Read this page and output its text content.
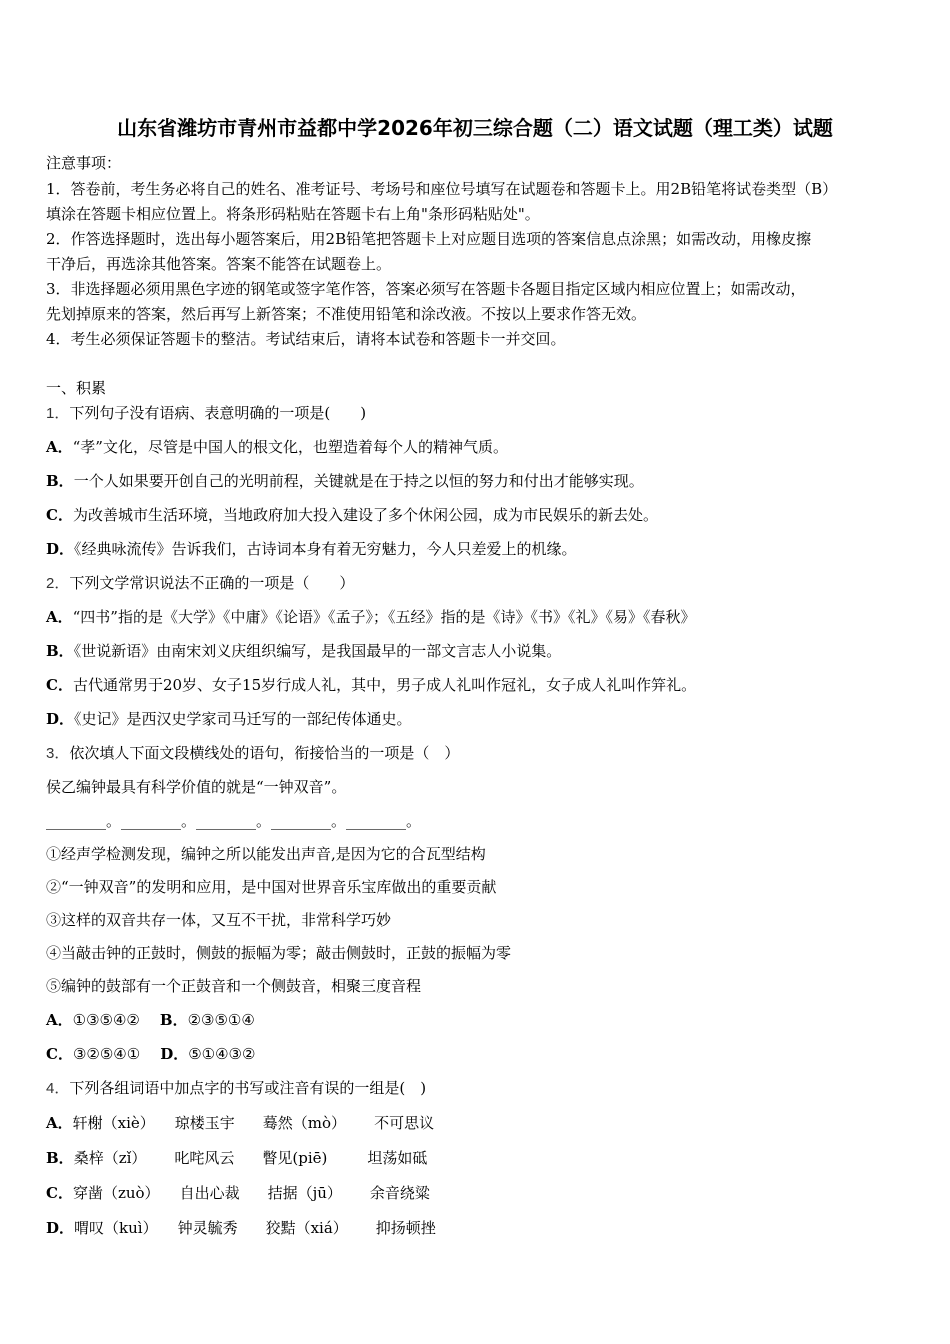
山东省潍坊市青州市益都中学2026年初三综合题（二）语文试题（理工类）试题
注意事项：
1．答卷前，考生务必将自己的姓名、准考证号、考场号和座位号填写在试题卷和答题卡上。用2B铅笔将试卷类型（B）
填涂在答题卡相应位置上。将条形码粘贴在答题卡右上角"条形码粘贴处"。
2．作答选择题时，选出每小题答案后，用2B铅笔把答题卡上对应题目选项的答案信息点涂黑；如需改动，用橡皮擦
干净后，再选涂其他答案。答案不能答在试题卷上。
3．非选择题必须用黑色字迹的钢笔或签字笔作答，答案必须写在答题卡各题目指定区域内相应位置上；如需改动，
先划掉原来的答案，然后再写上新答案；不准使用铅笔和涂改液。不按以上要求作答无效。
4．考生必须保证答题卡的整洁。考试结束后，请将本试卷和答题卡一并交回。
一、积累
1．下列句子没有语病、表意明确的一项是(　　)
A．“孝”文化，尽管是中国人的根文化，也塑造着每个人的精神气质。
B．一个人如果要开创自己的光明前程，关键就是在于持之以恒的努力和付出才能够实现。
C．为改善城市生活环境，当地政府加大投入建设了多个休闲公园，成为市民娱乐的新去处。
D．《经典咏流传》告诉我们，古诗词本身有着无穷魅力，今人只差爱上的机缘。
2．下列文学常识说法不正确的一项是（　　）
A．“四书”指的是《大学》《中庸》《论语》《孟子》；《五经》指的是《诗》《书》《礼》《易》《春秋》
B．《世说新语》由南宋刘义庆组织编写，是我国最早的一部文言志人小说集。
C．古代通常男于20岁、女子15岁行成人礼，其中，男子成人礼叫作冠礼，女子成人礼叫作笄礼。
D．《史记》是西汉史学家司马迁写的一部纪传体通史。
3．依次填人下面文段横线处的语句，衔接恰当的一项是（　）
侯乙编钟最具有科学价值的就是“一钟双音”。
________。________。________。________。________。
①经声学检测发现，编钟之所以能发出声音,是因为它的合瓦型结构
②“一钟双音”的发明和应用，是中国对世界音乐宝库做出的重要贡献
③这样的双音共存一体，又互不干扰，非常科学巧妙
④当敲击钟的正鼓时，侧鼓的振幅为零；敲击侧鼓时，正鼓的振幅为零
⑤编钟的鼓部有一个正鼓音和一个侧鼓音，相聚三度音程
A．①③⑤④② B．②③⑤①④
C．③②⑤④① D．⑤①④③②
4．下列各组词语中加点字的书写或注音有误的一组是(　)
A．轩榭（xiè） 琼楼玉宇 蓦然（mò） 不可思议
B．桑梓（zǐ） 叱咤风云 瞥见(piē)	坦荡如砥
C．穿凿（zuò） 自出心裁 拮据（jū） 余音绕粱
D．喟叹（kuì） 钟灵毓秀 狡黠（xiá） 抑扬顿挫
